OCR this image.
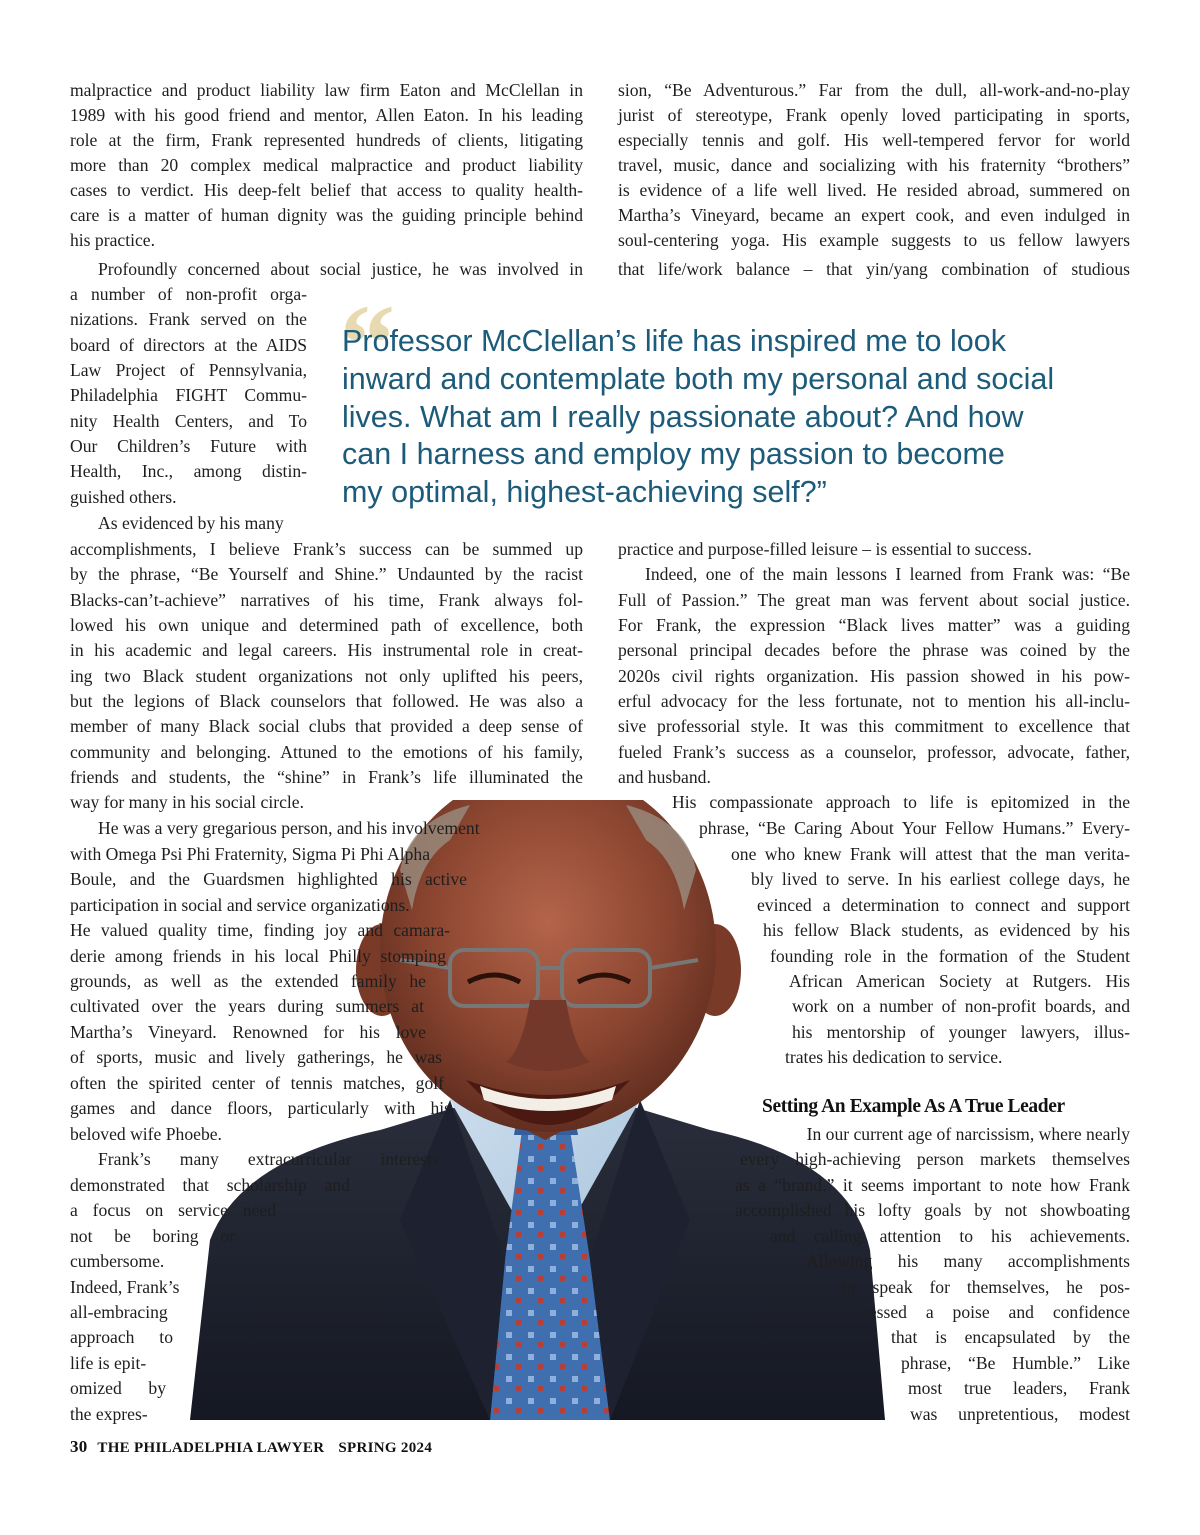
malpractice and product liability law firm Eaton and McClellan in
1989 with his good friend and mentor, Allen Eaton. In his leading
role at the firm, Frank represented hundreds of clients, litigating
more than 20 complex medical malpractice and product liability
cases to verdict. His deep-felt belief that access to quality health-
care is a matter of human dignity was the guiding principle behind
his practice.
Profoundly concerned about social justice, he was involved in
a number of non-profit orga-
nizations. Frank served on the
board of directors at the AIDS
Law Project of Pennsylvania,
Philadelphia FIGHT Commu-
nity Health Centers, and To
Our Children’s Future with
Health, Inc., among distin-
guished others.
As evidenced by his many
“
Professor McClellan’s life has inspired me to look
inward and contemplate both my personal and social
lives. What am I really passionate about? And how
can I harness and employ my passion to become
my optimal, highest-achieving self?”
accomplishments, I believe Frank’s success can be summed up
by the phrase, “Be Yourself and Shine.” Undaunted by the racist
Blacks-can’t-achieve” narratives of his time, Frank always fol-
lowed his own unique and determined path of excellence, both
in his academic and legal careers. His instrumental role in creat-
ing two Black student organizations not only uplifted his peers,
but the legions of Black counselors that followed. He was also a
member of many Black social clubs that provided a deep sense of
community and belonging. Attuned to the emotions of his family,
friends and students, the “shine” in Frank’s life illuminated the
way for many in his social circle.
He was a very gregarious person, and his involvement
with Omega Psi Phi Fraternity, Sigma Pi Phi Alpha
Boule, and the Guardsmen highlighted his active
participation in social and service organizations.
He valued quality time, finding joy and camara-
derie among friends in his local Philly stomping
grounds, as well as the extended family he
cultivated over the years during summers at
Martha’s Vineyard. Renowned for his love
of sports, music and lively gatherings, he was
often the spirited center of tennis matches, golf
games and dance floors, particularly with his
beloved wife Phoebe.
Frank’s many extracurricular interests
demonstrated that scholarship and
a focus on service need
not be boring or
cumbersome.
Indeed, Frank’s
all-embracing
approach to
life is epit-
omized by
the expres-
sion, “Be Adventurous.” Far from the dull, all-work-and-no-play
jurist of stereotype, Frank openly loved participating in sports,
especially tennis and golf. His well-tempered fervor for world
travel, music, dance and socializing with his fraternity “brothers”
is evidence of a life well lived. He resided abroad, summered on
Martha’s Vineyard, became an expert cook, and even indulged in
soul-centering yoga. His example suggests to us fellow lawyers
that life/work balance – that yin/yang combination of studious
practice and purpose-filled leisure – is essential to success.
Indeed, one of the main lessons I learned from Frank was: “Be
Full of Passion.” The great man was fervent about social justice.
For Frank, the expression “Black lives matter” was a guiding
personal principal decades before the phrase was coined by the
2020s civil rights organization. His passion showed in his pow-
erful advocacy for the less fortunate, not to mention his all-inclu-
sive professorial style. It was this commitment to excellence that
fueled Frank’s success as a counselor, professor, advocate, father,
and husband.
His compassionate approach to life is epitomized in the
phrase, “Be Caring About Your Fellow Humans.” Every-
one who knew Frank will attest that the man verita-
bly lived to serve. In his earliest college days, he
evinced a determination to connect and support
his fellow Black students, as evidenced by his
founding role in the formation of the Student
African American Society at Rutgers. His
work on a number of non-profit boards, and
his mentorship of younger lawyers, illus-
trates his dedication to service.
Setting An Example As A True Leader
In our current age of narcissism, where nearly
every high-achieving person markets themselves
as a “brand,” it seems important to note how Frank
accomplished his lofty goals by not showboating
and calling attention to his achievements.
Allowing his many accomplishments
to speak for themselves, he pos-
sessed a poise and confidence
that is encapsulated by the
phrase, “Be Humble.” Like
most true leaders, Frank
was unpretentious, modest
30 THE PHILADELPHIA LAWYER SPRING 2024
